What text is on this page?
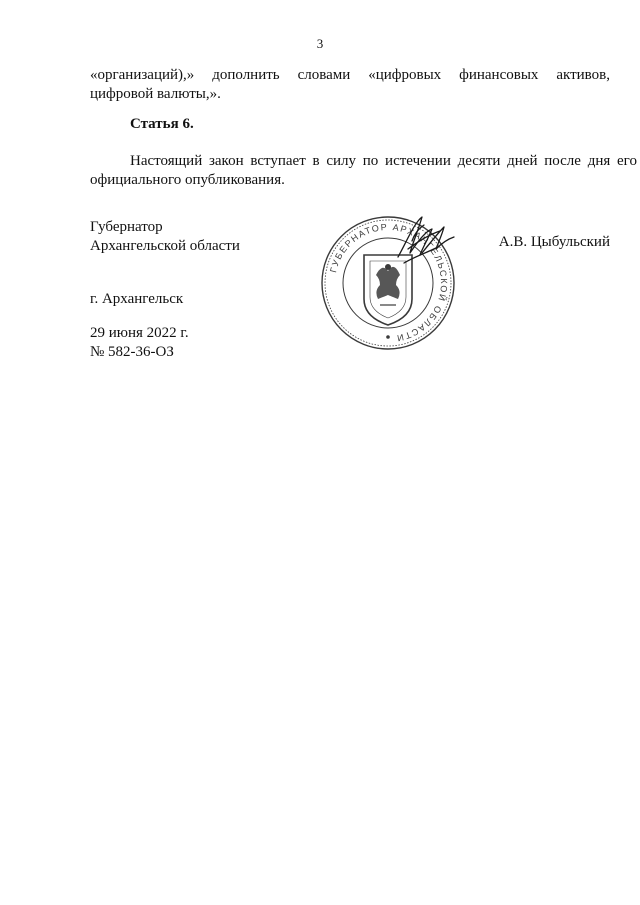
3
«организаций),» дополнить словами «цифровых финансовых активов,
цифровой валюты,».
Статья 6.
Настоящий закон вступает в силу по истечении десяти дней после дня его
официального опубликования.
Губернатор
Архангельской области	А.В. Цыбульский
ГУБЕРНАТОР АРХАНГЕЛЬСКОЙ ОБЛАСТИ
г. Архангельск
29 июня 2022 г.
№ 582-36-ОЗ
